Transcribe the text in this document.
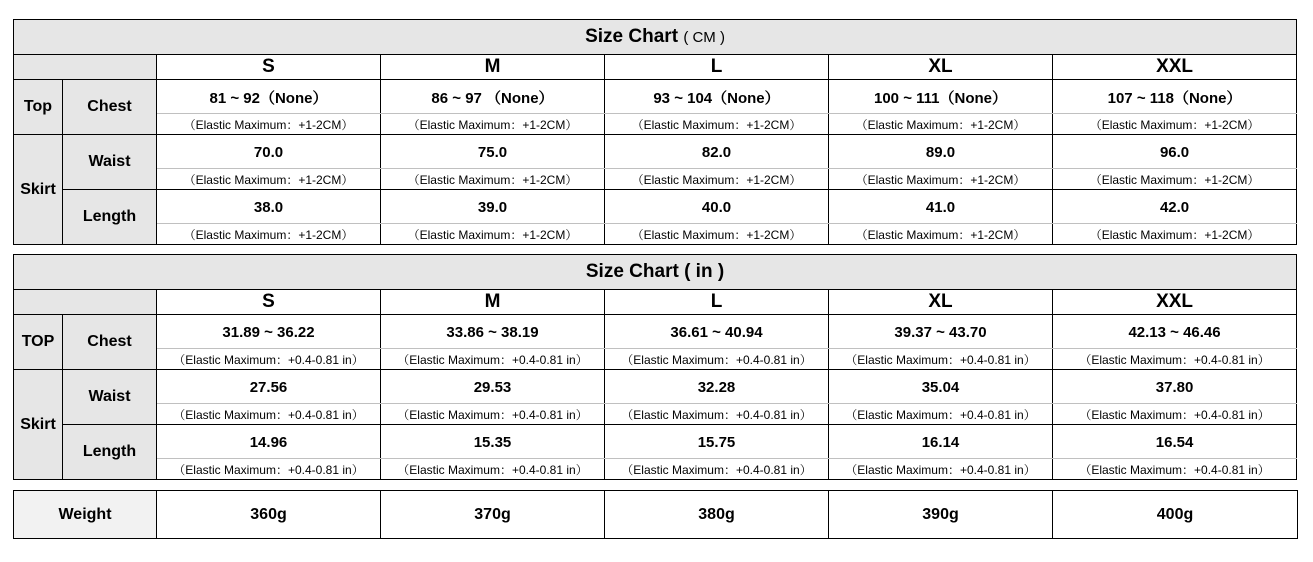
Size Chart ( CM )						
		S	M	L	XL	XXL
Top	Chest	81 ~ 92（None）	86 ~ 97 （None）	93 ~ 104（None）	100 ~ 111（None）	107 ~ 118（None）
		（Elastic Maximum：+1-2CM）	（Elastic Maximum：+1-2CM）	（Elastic Maximum：+1-2CM）	（Elastic Maximum：+1-2CM）	（Elastic Maximum：+1-2CM）
Skirt	Waist	70.0	75.0	82.0	89.0	96.0
		（Elastic Maximum：+1-2CM）	（Elastic Maximum：+1-2CM）	（Elastic Maximum：+1-2CM）	（Elastic Maximum：+1-2CM）	（Elastic Maximum：+1-2CM）
	Length	38.0	39.0	40.0	41.0	42.0
		（Elastic Maximum：+1-2CM）	（Elastic Maximum：+1-2CM）	（Elastic Maximum：+1-2CM）	（Elastic Maximum：+1-2CM）	（Elastic Maximum：+1-2CM）
Size Chart ( in )						
		S	M	L	XL	XXL
TOP	Chest	31.89 ~ 36.22	33.86 ~ 38.19	36.61 ~ 40.94	39.37 ~ 43.70	42.13 ~ 46.46
		（Elastic Maximum：+0.4-0.81 in）	（Elastic Maximum：+0.4-0.81 in）	（Elastic Maximum：+0.4-0.81 in）	（Elastic Maximum：+0.4-0.81 in）	（Elastic Maximum：+0.4-0.81 in）
Skirt	Waist	27.56	29.53	32.28	35.04	37.80
		（Elastic Maximum：+0.4-0.81 in）	（Elastic Maximum：+0.4-0.81 in）	（Elastic Maximum：+0.4-0.81 in）	（Elastic Maximum：+0.4-0.81 in）	（Elastic Maximum：+0.4-0.81 in）
	Length	14.96	15.35	15.75	16.14	16.54
		（Elastic Maximum：+0.4-0.81 in）	（Elastic Maximum：+0.4-0.81 in）	（Elastic Maximum：+0.4-0.81 in）	（Elastic Maximum：+0.4-0.81 in）	（Elastic Maximum：+0.4-0.81 in）
Weight	360g	370g	380g	390g	400g
